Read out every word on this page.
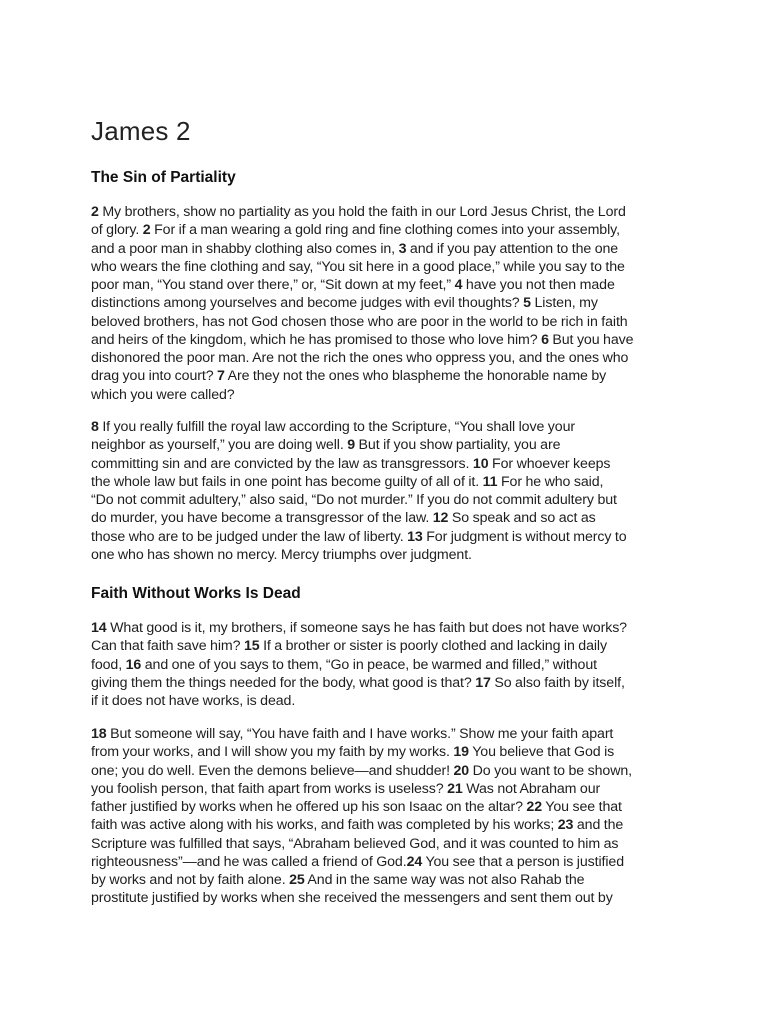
James 2
The Sin of Partiality
2 My brothers, show no partiality as you hold the faith in our Lord Jesus Christ, the Lord
of glory. 2 For if a man wearing a gold ring and fine clothing comes into your assembly,
and a poor man in shabby clothing also comes in, 3 and if you pay attention to the one
who wears the fine clothing and say, “You sit here in a good place,” while you say to the
poor man, “You stand over there,” or, “Sit down at my feet,” 4 have you not then made
distinctions among yourselves and become judges with evil thoughts? 5 Listen, my
beloved brothers, has not God chosen those who are poor in the world to be rich in faith
and heirs of the kingdom, which he has promised to those who love him? 6 But you have
dishonored the poor man. Are not the rich the ones who oppress you, and the ones who
drag you into court? 7 Are they not the ones who blaspheme the honorable name by
which you were called?
8 If you really fulfill the royal law according to the Scripture, “You shall love your
neighbor as yourself,” you are doing well. 9 But if you show partiality, you are
committing sin and are convicted by the law as transgressors. 10 For whoever keeps
the whole law but fails in one point has become guilty of all of it. 11 For he who said,
“Do not commit adultery,” also said, “Do not murder.” If you do not commit adultery but
do murder, you have become a transgressor of the law. 12 So speak and so act as
those who are to be judged under the law of liberty. 13 For judgment is without mercy to
one who has shown no mercy. Mercy triumphs over judgment.
Faith Without Works Is Dead
14 What good is it, my brothers, if someone says he has faith but does not have works?
Can that faith save him? 15 If a brother or sister is poorly clothed and lacking in daily
food, 16 and one of you says to them, “Go in peace, be warmed and filled,” without
giving them the things needed for the body, what good is that? 17 So also faith by itself,
if it does not have works, is dead.
18 But someone will say, “You have faith and I have works.” Show me your faith apart
from your works, and I will show you my faith by my works. 19 You believe that God is
one; you do well. Even the demons believe—and shudder! 20 Do you want to be shown,
you foolish person, that faith apart from works is useless? 21 Was not Abraham our
father justified by works when he offered up his son Isaac on the altar? 22 You see that
faith was active along with his works, and faith was completed by his works; 23 and the
Scripture was fulfilled that says, “Abraham believed God, and it was counted to him as
righteousness”—and he was called a friend of God.24 You see that a person is justified
by works and not by faith alone. 25 And in the same way was not also Rahab the
prostitute justified by works when she received the messengers and sent them out by
